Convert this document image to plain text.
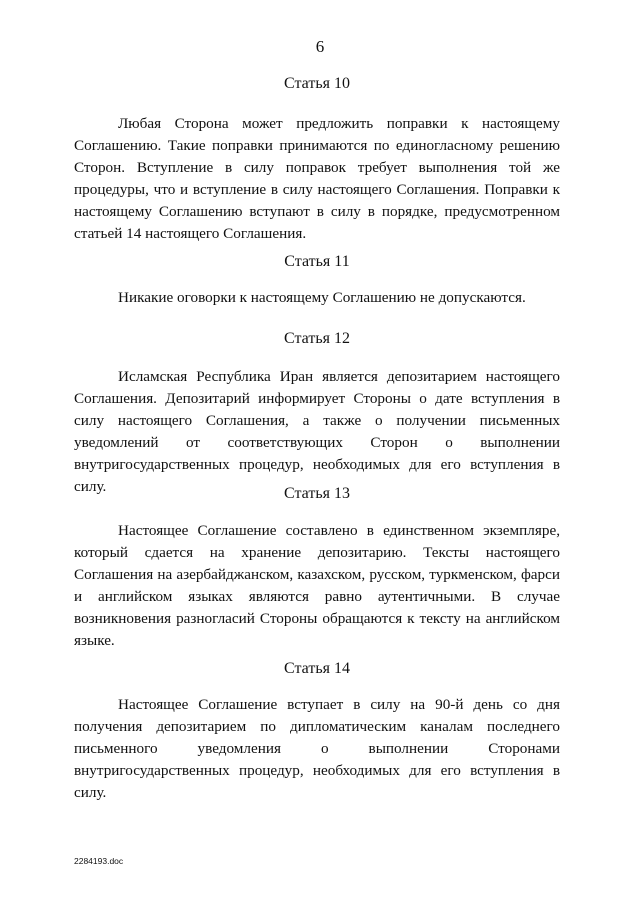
6

Статья 10

Любая Сторона может предложить поправки к настоящему Соглашению. Такие поправки принимаются по единогласному решению Сторон. Вступление в силу поправок требует выполнения той же процедуры, что и вступление в силу настоящего Соглашения. Поправки к настоящему Соглашению вступают в силу в порядке, предусмотренном статьей 14 настоящего Соглашения.

Статья 11

Никакие оговорки к настоящему Соглашению не допускаются.

Статья 12

Исламская Республика Иран является депозитарием настоящего Соглашения. Депозитарий информирует Стороны о дате вступления в силу настоящего Соглашения, а также о получении письменных уведомлений от соответствующих Сторон о выполнении внутригосударственных процедур, необходимых для его вступления в силу.	Статья 13

Настоящее Соглашение составлено в единственном экземпляре, который сдается на хранение депозитарию. Тексты настоящего Соглашения на азербайджанском, казахском, русском, туркменском, фарси и английском языках являются равно аутентичными. В случае возникновения разногласий Стороны обращаются к тексту на английском языке.

Статья 14

Настоящее Соглашение вступает в силу на 90-й день со дня получения депозитарием по дипломатическим каналам последнего письменного уведомления о выполнении Сторонами внутригосударственных процедур, необходимых для его вступления в силу.

2284193.doc
